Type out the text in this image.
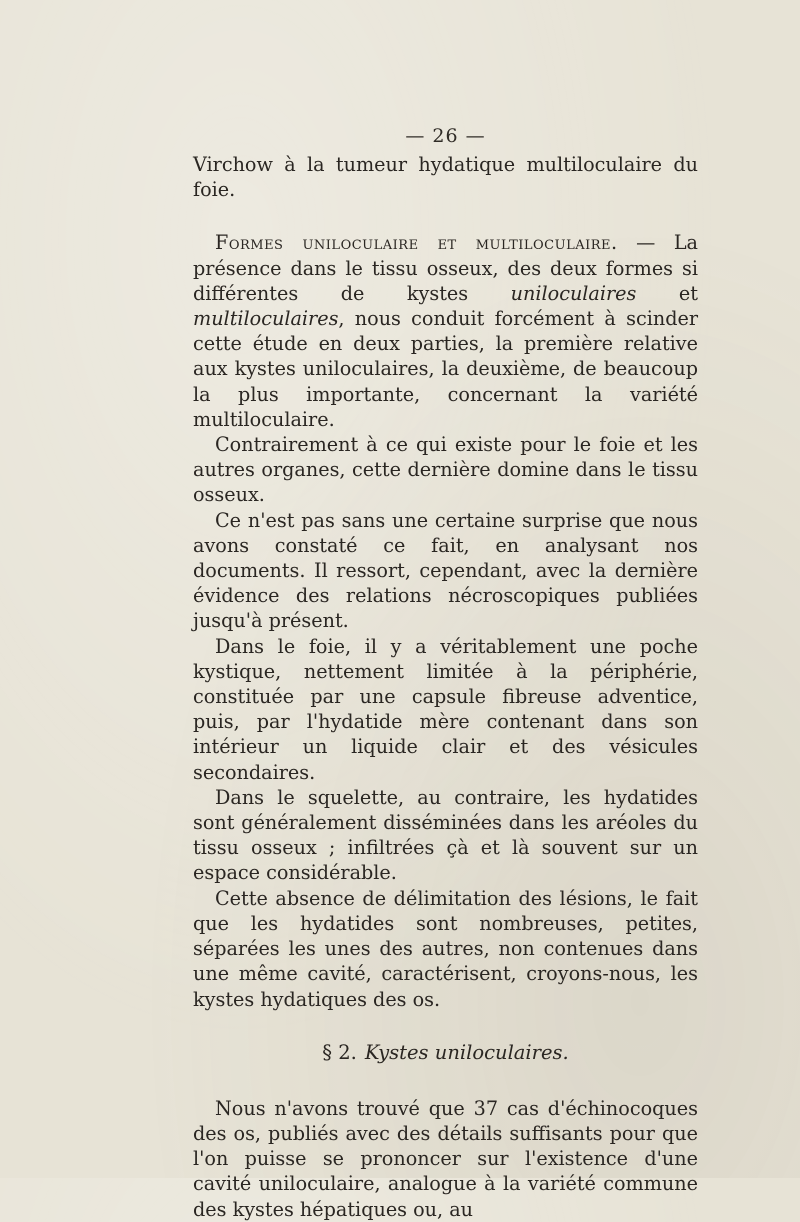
— 26 —

Virchow à la tumeur hydatique multiloculaire du foie.

Formes uniloculaire et multiloculaire. — La présence dans le tissu osseux, des deux formes si différentes de kystes uniloculaires et multiloculaires, nous conduit forcément à scinder cette étude en deux parties, la première relative aux kystes uniloculaires, la deuxième, de beaucoup la plus importante, concernant la variété multiloculaire.

Contrairement à ce qui existe pour le foie et les autres organes, cette dernière domine dans le tissu osseux.

Ce n'est pas sans une certaine surprise que nous avons constaté ce fait, en analysant nos documents. Il ressort, cependant, avec la dernière évidence des relations nécroscopiques publiées jusqu'à présent.

Dans le foie, il y a véritablement une poche kystique, nettement limitée à la périphérie, constituée par une capsule fibreuse adventice, puis, par l'hydatide mère contenant dans son intérieur un liquide clair et des vésicules secondaires.

Dans le squelette, au contraire, les hydatides sont généralement disséminées dans les aréoles du tissu osseux ; infiltrées çà et là souvent sur un espace considérable.

Cette absence de délimitation des lésions, le fait que les hydatides sont nombreuses, petites, séparées les unes des autres, non contenues dans une même cavité, caractérisent, croyons-nous, les kystes hydatiques des os.

§ 2. Kystes uniloculaires.

Nous n'avons trouvé que 37 cas d'échinocoques des os, publiés avec des détails suffisants pour que l'on puisse se prononcer sur l'existence d'une cavité uniloculaire, analogue à la variété commune des kystes hépatiques ou, au
